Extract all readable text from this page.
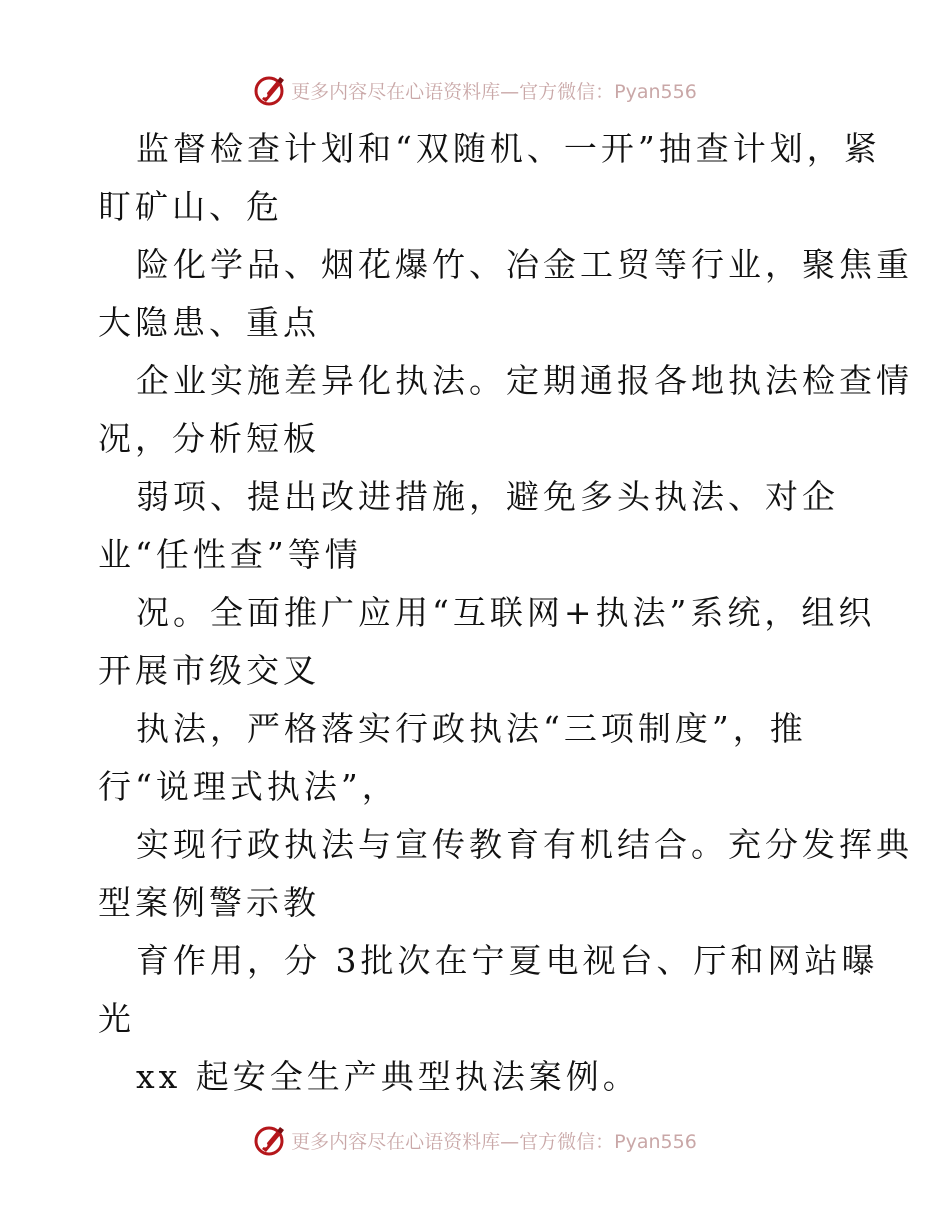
更多内容尽在心语资料库—官方微信：Pyan556
监督检查计划和“双随机、一开”抽查计划，紧
盯矿山、危
险化学品、烟花爆竹、冶金工贸等行业，聚焦重
大隐患、重点
企业实施差异化执法。定期通报各地执法检查情
况，分析短板
弱项、提出改进措施，避免多头执法、对企
业“任性查”等情
况。全面推广应用“互联网+执法”系统，组织
开展市级交叉
执法，严格落实行政执法“三项制度”，推
行“说理式执法”，
实现行政执法与宣传教育有机结合。充分发挥典
型案例警示教
育作用，分 3批次在宁夏电视台、厅和网站曝
光
xx 起安全生产典型执法案例。
更多内容尽在心语资料库—官方微信：Pyan556
